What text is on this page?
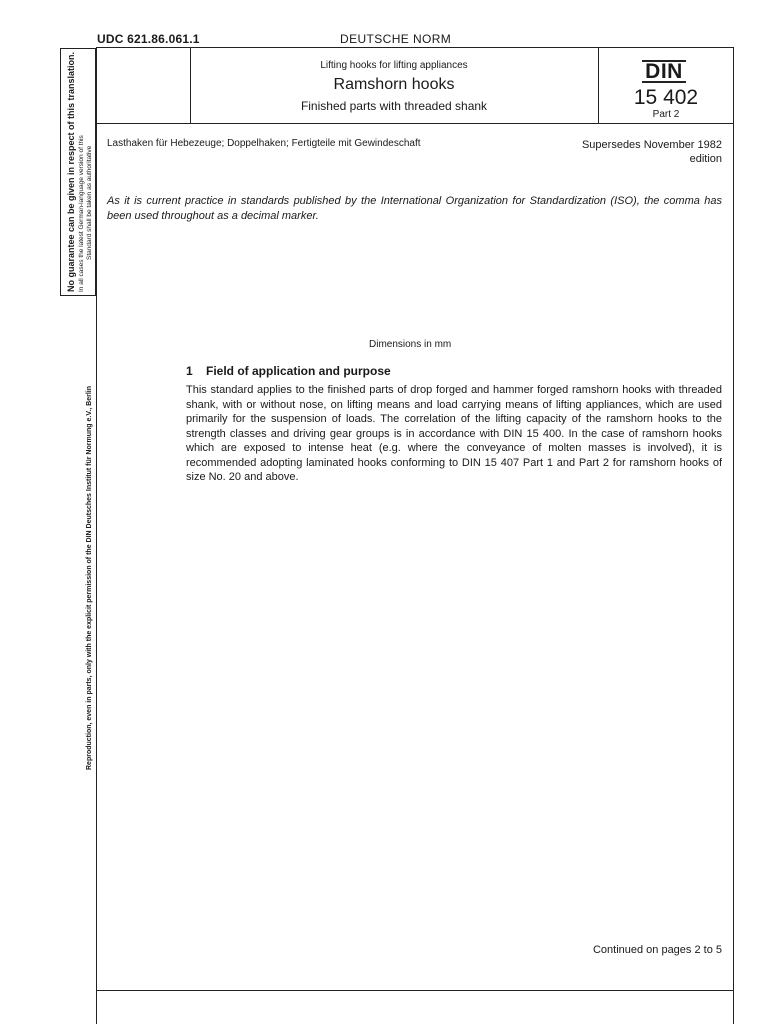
UDC 621.86.061.1	DEUTSCHE NORM
Lifting hooks for lifting appliances
Ramshorn hooks
Finished parts with threaded shank
DIN
15 402
Part 2
Lasthaken für Hebezeuge; Doppelhaken; Fertigteile mit Gewindeschaft	Supersedes November 1982
edition
As it is current practice in standards published by the International Organization for Standardization (ISO), the comma has been used throughout as a decimal marker.
Dimensions in mm
1 Field of application and purpose
This standard applies to the finished parts of drop forged and hammer forged ramshorn hooks with threaded shank, with or without nose, on lifting means and load carrying means of lifting appliances, which are used primarily for the suspension of loads. The correlation of the lifting capacity of the ramshorn hooks to the strength classes and driving gear groups is in accordance with DIN 15 400. In the case of ramshorn hooks which are exposed to intense heat (e.g. where the conveyance of molten masses is involved), it is recommended adopting laminated hooks conforming to DIN 15 407 Part 1 and Part 2 for ramshorn hooks of size No. 20 and above.
Continued on pages 2 to 5
No guarantee can be given in respect of this translation. In all cases the latest German-language version of this Standard shall be taken as authoritative
Reproduction, even in parts, only with the explicit permission of the DIN Deutsches Institut für Normung e.V., Berlin
